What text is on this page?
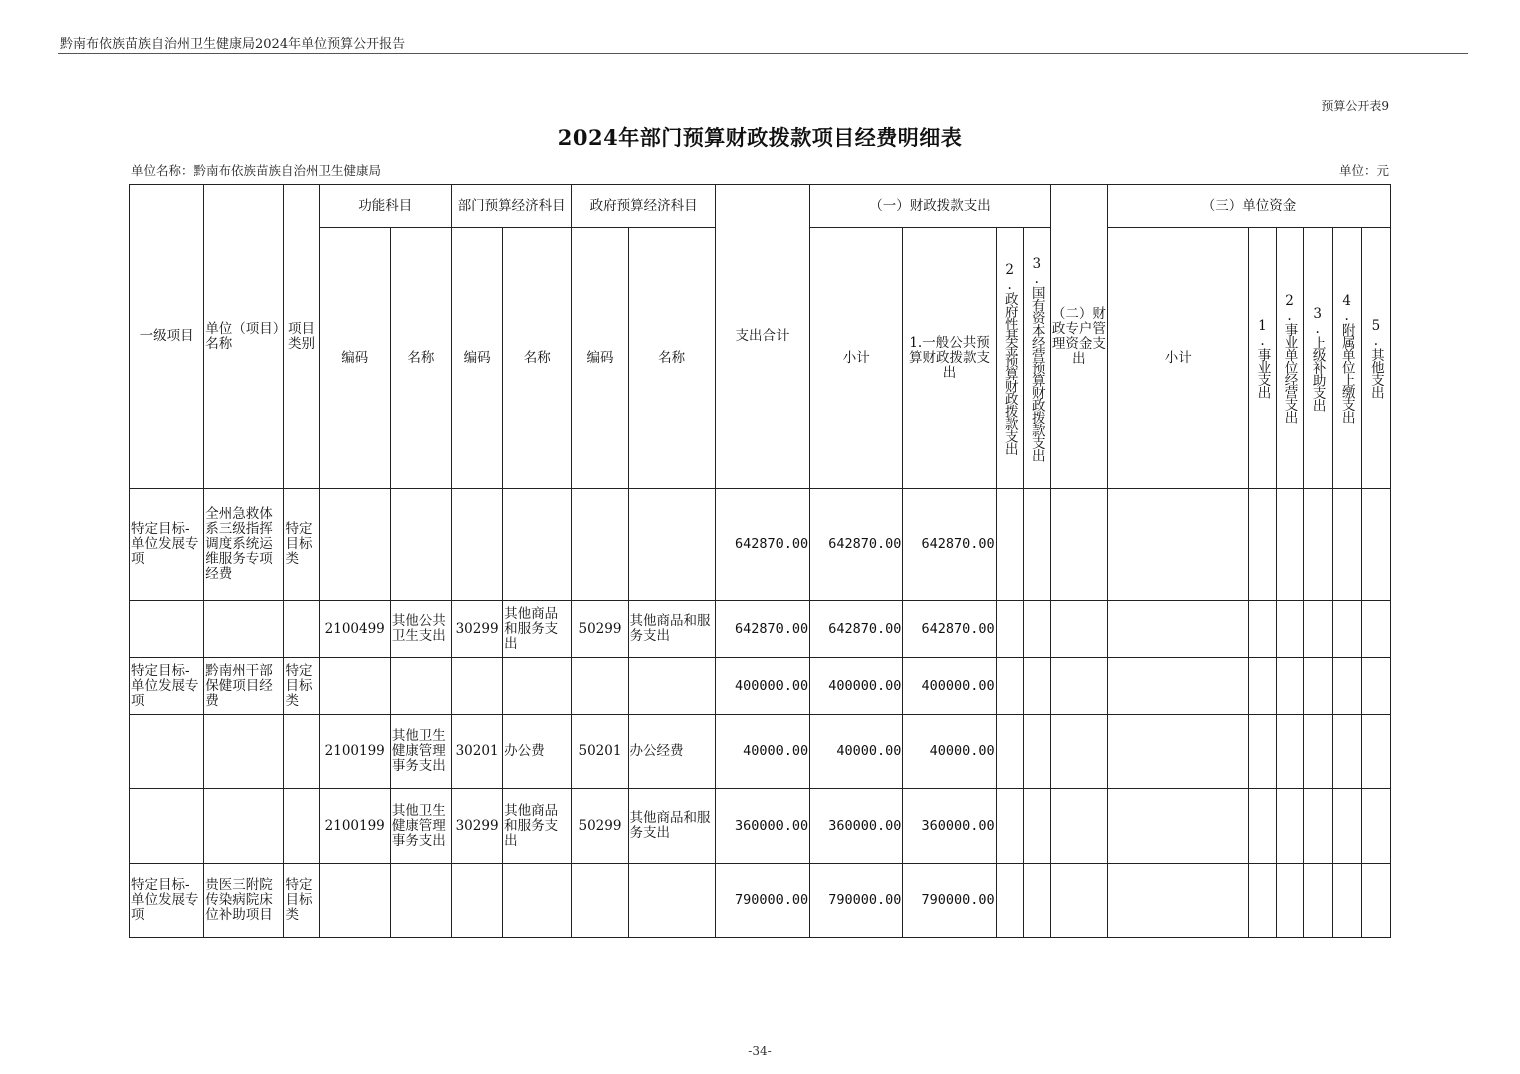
黔南布依族苗族自治州卫生健康局2024年单位预算公开报告
预算公开表9
2024年部门预算财政拨款项目经费明细表
单位名称：黔南布依族苗族自治州卫生健康局	单位：元
一级项目	单位（项目）名称	项目类别	功能科目		部门预算经济科目		政府预算经济科目		支出合计	（一）财政拨款支出				（二）财政专户管理资金支出	（三）单位资金					
			编码	名称	编码	名称	编码	名称		小计	1.一般公共预算财政拨款支出	2.政府性基金预算财政拨款支出	3.国有资本经营预算财政拨款支出		小计	1.事业支出	2.事业单位经营支出	3.上级补助支出	4.附属单位上缴支出	5.其他支出

特定目标-单位发展专项	全州急救体系三级指挥调度系统运维服务专项经费	特定目标类							642870.00	642870.00	642870.00									
			2100499	其他公共卫生支出	30299	其他商品和服务支出	50299	其他商品和服务支出	642870.00	642870.00	642870.00									
特定目标-单位发展专项	黔南州干部保健项目经费	特定目标类							400000.00	400000.00	400000.00									
			2100199	其他卫生健康管理事务支出	30201	办公费	50201	办公经费	40000.00	40000.00	40000.00									
			2100199	其他卫生健康管理事务支出	30299	其他商品和服务支出	50299	其他商品和服务支出	360000.00	360000.00	360000.00									
特定目标-单位发展专项	贵医三附院传染病院床位补助项目	特定目标类							790000.00	790000.00	790000.00									
-34-
